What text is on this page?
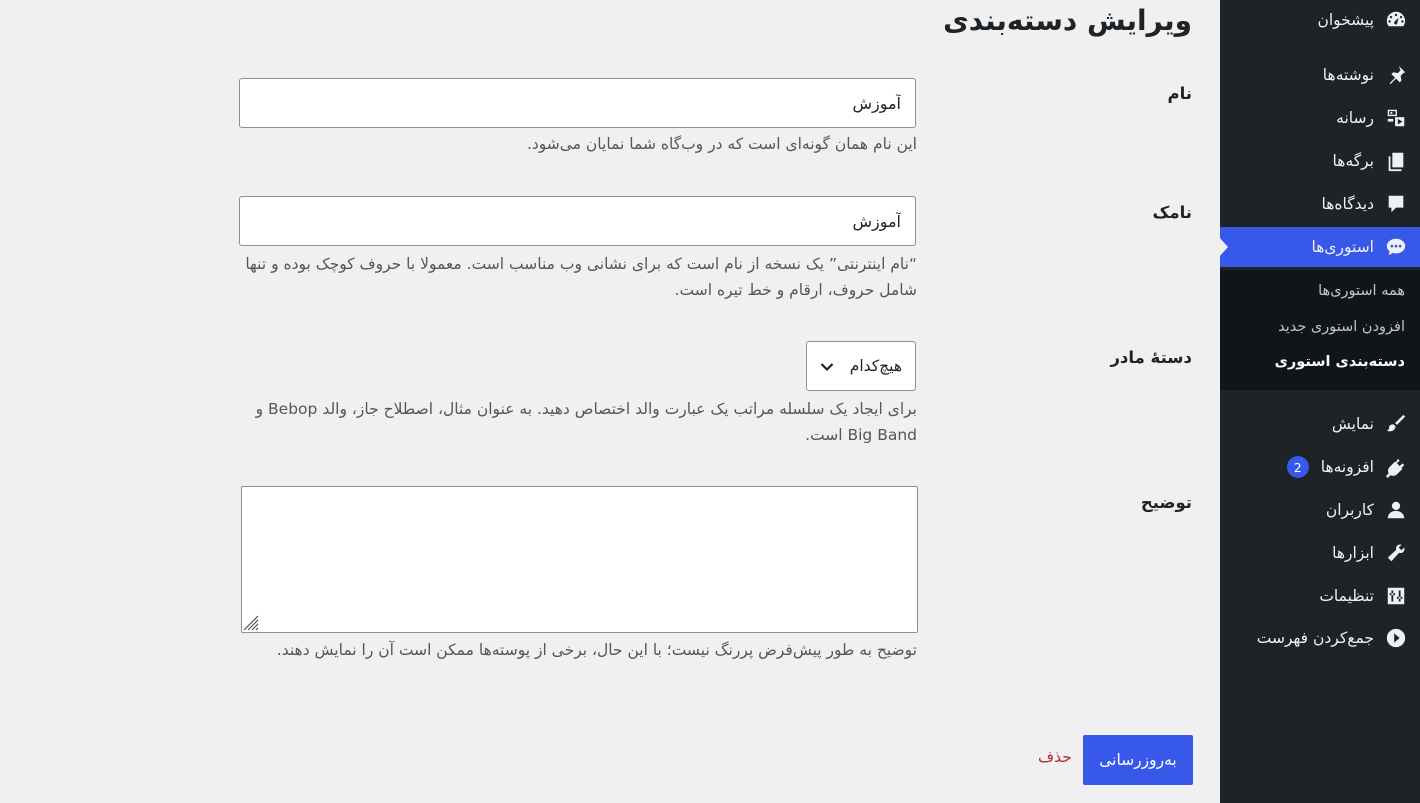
پیشخوان
نوشته‌ها
رسانه
برگه‌ها
دیدگاه‌ها
استوری‌ها
همه استوری‌ها
افزودن استوری جدید
دسته‌بندی استوری
نمایش
افزونه‌ها
2
کاربران
ابزارها
تنظیمات
جمع‌کردن فهرست
ویرایش دسته‌بندی
نام
آموزش

این نام همان گونه‌ای است که در وب‌گاه شما نمایان می‌شود.

نامک
آموزش

“نام اینترنتی” یک نسخه از نام است که برای نشانی وب مناسب است. معمولا با حروف کوچک بوده و تنها شامل حروف، ارقام و خط تیره است.

دستهٔ مادر
هیچ‌کدام

برای ایجاد یک سلسله مراتب یک عبارت والد اختصاص دهید. به عنوان مثال، اصطلاح جاز، والد Bebop و Big Band است.

توضیح

توضیح به طور پیش‌فرض پررنگ نیست؛ با این حال، برخی از پوسته‌ها ممکن است آن را نمایش دهند.

به‌روزرسانی
حذف
